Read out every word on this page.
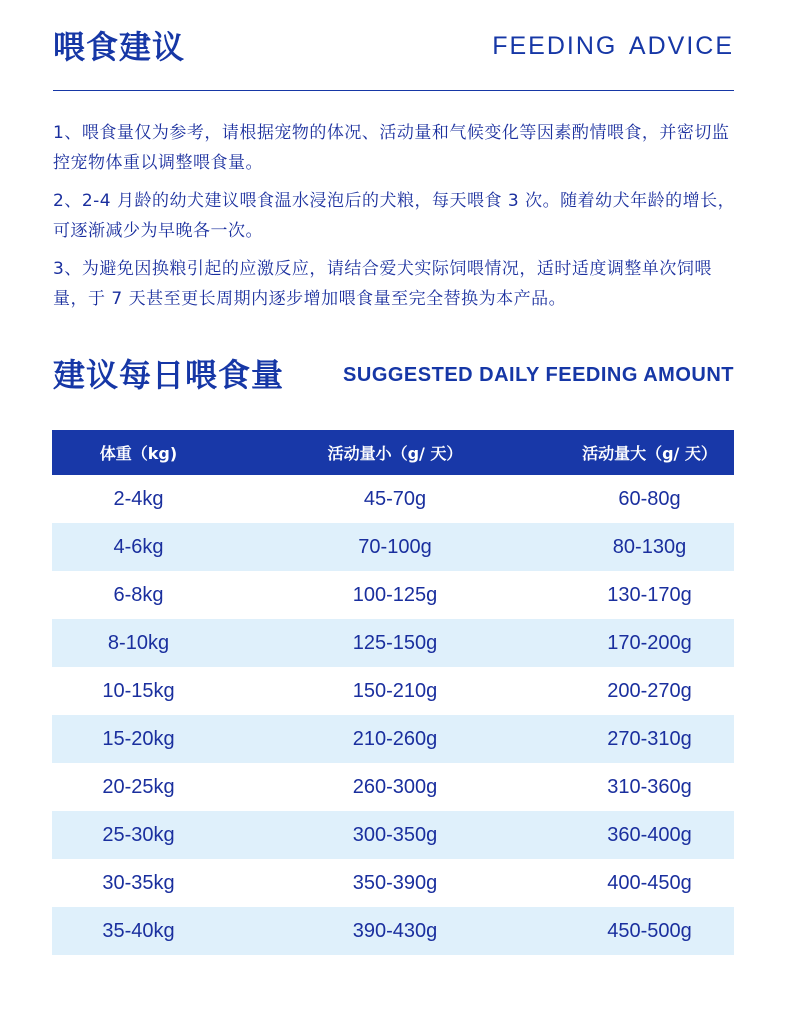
喂食建议	FEEDING ADVICE

1、喂食量仅为参考，请根据宠物的体况、活动量和气候变化等因素酌情喂食，并密切监控宠物体重以调整喂食量。

2、2-4 月龄的幼犬建议喂食温水浸泡后的犬粮，每天喂食 3 次。随着幼犬年龄的增长，可逐渐减少为早晚各一次。

3、为避免因换粮引起的应激反应，请结合爱犬实际饲喂情况，适时适度调整单次饲喂量，于 7 天甚至更长周期内逐步增加喂食量至完全替换为本产品。

建议每日喂食量	SUGGESTED DAILY FEEDING AMOUNT
体重（kg)	活动量小（g/ 天）	活动量大（g/ 天）
2-4kg	45-70g	60-80g
4-6kg	70-100g	80-130g
6-8kg	100-125g	130-170g
8-10kg	125-150g	170-200g
10-15kg	150-210g	200-270g
15-20kg	210-260g	270-310g
20-25kg	260-300g	310-360g
25-30kg	300-350g	360-400g
30-35kg	350-390g	400-450g
35-40kg	390-430g	450-500g
